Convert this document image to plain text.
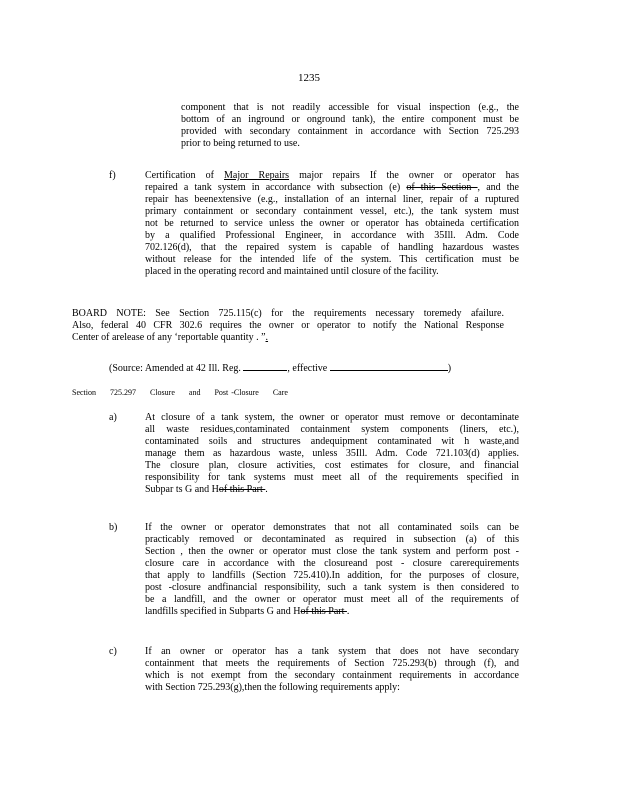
1235
component that is not readily accessible for visual inspection (e.g., the
bottom of an inground or onground tank), the entire component must be
provided with secondary containment in accordance with Section 725.293
prior to being returned to use.
f)	Certification of Major Repairs major repairs If the owner or operator has
repaired a tank system in accordance with subsection (e) of this Section , and the
repair has beenextensive (e.g., installation of an internal liner, repair of a ruptured
primary containment or secondary containment vessel, etc.), the tank system must
not be returned to service unless the owner or operator has obtaineda certification
by a qualified Professional Engineer, in accordance with 35Ill. Adm. Code
702.126(d), that the repaired system is capable of handling hazardous wastes
without release for the intended life of the system. This certification must be
placed in the operating record and maintained until closure of the facility.
BOARD NOTE: See Section 725.115(c) for the requirements necessary toremedy afailure.
Also, federal 40 CFR 302.6 requires the owner or operator to notify the National Response
Center of arelease of any ‘reportable quantity . ”.
(Source: Amended at 42 Ill. Reg.	, effective	)
Section 725.297 Closure and Post -Closure Care
a)	At closure of a tank system, the owner or operator must remove or decontaminate
all waste residues,contaminated containment system components (liners, etc.),
contaminated soils and structures andequipment contaminated wit h waste,and
manage them as hazardous waste, unless 35Ill. Adm. Code 721.103(d) applies.
The closure plan, closure activities, cost estimates for closure, and financial
responsibility for tank systems must meet all of the requirements specified in
Subpar ts G and Hof this Part .
b)	If the owner or operator demonstrates that not all contaminated soils can be
practicably removed or decontaminated as required in subsection (a) of this
Section , then the owner or operator must close the tank system and perform post -
closure care in accordance with the closureand post - closure carerequirements
that apply to landfills (Section 725.410).In addition, for the purposes of closure,
post -closure andfinancial responsibility, such a tank system is then considered to
be a landfill, and the owner or operator must meet all of the requirements of
landfills specified in Subparts G and Hof this Part .
c)	If an owner or operator has a tank system that does not have secondary
containment that meets the requirements of Section 725.293(b) through (f), and
which is not exempt from the secondary containment requirements in accordance
with Section 725.293(g),then the following requirements apply:
